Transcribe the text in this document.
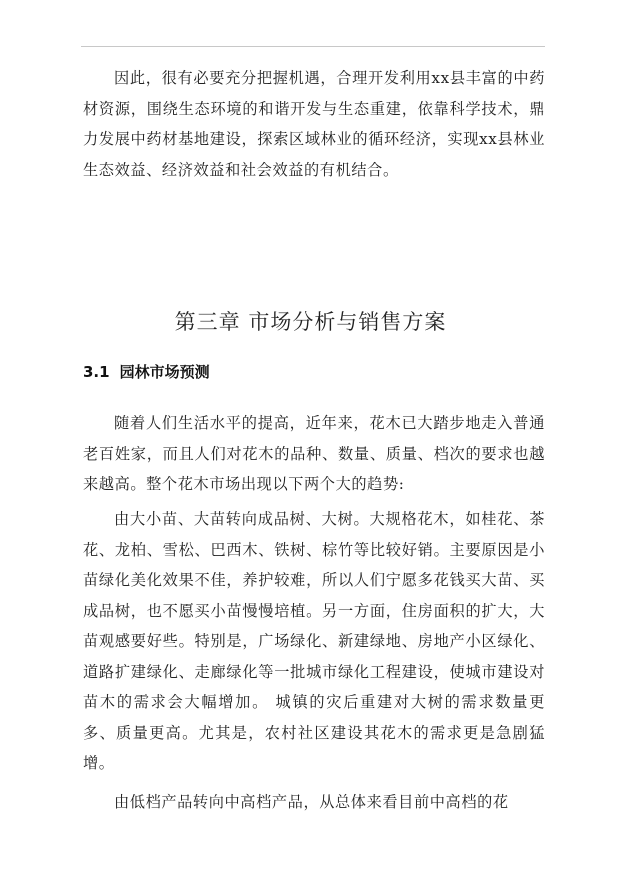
因此，很有必要充分把握机遇，合理开发利用xx县丰富的中药材资源，围绕生态环境的和谐开发与生态重建，依靠科学技术，鼎力发展中药材基地建设，探索区域林业的循环经济，实现xx县林业生态效益、经济效益和社会效益的有机结合。

第三章 市场分析与销售方案
3.1 园林市场预测

随着人们生活水平的提高，近年来，花木已大踏步地走入普通老百姓家，而且人们对花木的品种、数量、质量、档次的要求也越来越高。整个花木市场出现以下两个大的趋势:

由大小苗、大苗转向成品树、大树。大规格花木，如桂花、茶花、龙柏、雪松、巴西木、铁树、棕竹等比较好销。主要原因是小苗绿化美化效果不佳，养护较难，所以人们宁愿多花钱买大苗、买成品树，也不愿买小苗慢慢培植。另一方面，住房面积的扩大，大苗观感要好些。特别是，广场绿化、新建绿地、房地产小区绿化、道路扩建绿化、走廊绿化等一批城市绿化工程建设，使城市建设对苗木的需求会大幅增加。 城镇的灾后重建对大树的需求数量更多、质量更高。尤其是，农村社区建设其花木的需求更是急剧猛增。

由低档产品转向中高档产品，从总体来看目前中高档的花
